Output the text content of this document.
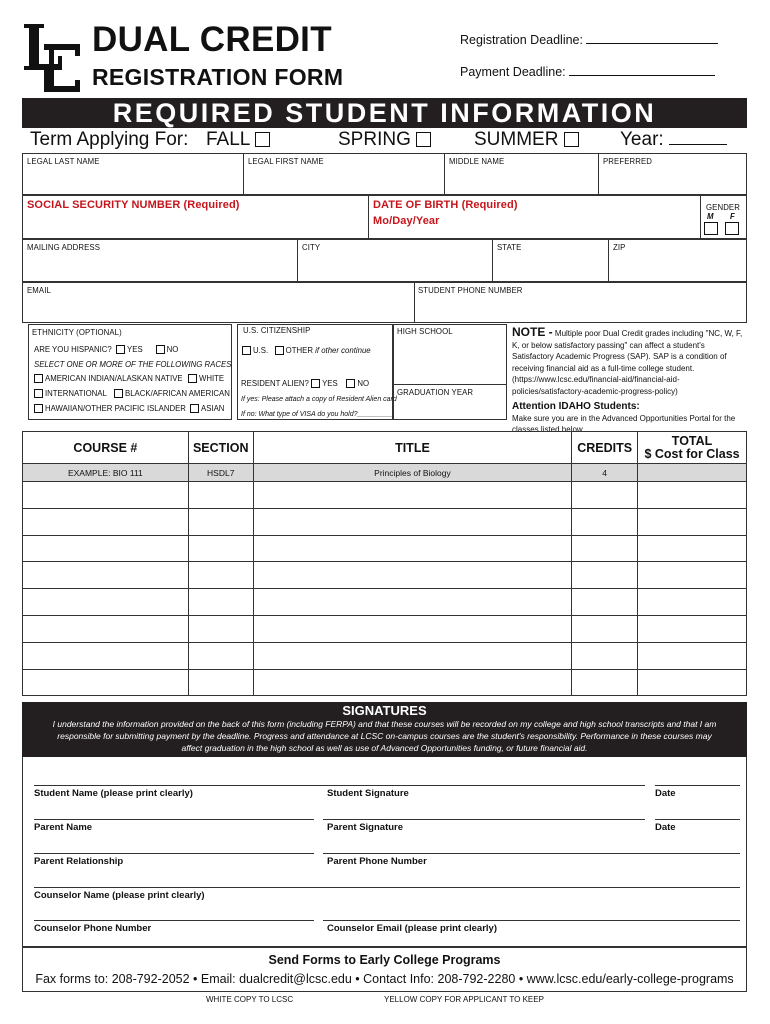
DUAL CREDIT
REGISTRATION FORM
Registration Deadline:
Payment Deadline:
REQUIRED STUDENT INFORMATION
Term Applying For: FALL	SPRING	SUMMER	Year:
LEGAL LAST NAME	LEGAL FIRST NAME	MIDDLE NAME	PREFERRED
SOCIAL SECURITY NUMBER (Required)	DATE OF BIRTH (Required)
Mo/Day/Year
GENDER
M F
MAILING ADDRESS	CITY	STATE	ZIP
EMAIL	STUDENT PHONE NUMBER
ETHNICITY (OPTIONAL)
ARE YOU HISPANIC? YES	NO
SELECT ONE OR MORE OF THE FOLLOWING RACES
AMERICAN INDIAN/ALASKAN NATIVE	WHITE
INTERNATIONAL	BLACK/AFRICAN AMERICAN
HAWAIIAN/OTHER PACIFIC ISLANDER	ASIAN
U.S. CITIZENSHIP
U.S. OTHER if other continue
RESIDENT ALIEN? YES	NO
If yes: Please attach a copy of Resident Alien card
If no: What type of VISA do you hold?_________
HIGH SCHOOL
GRADUATION YEAR
NOTE - Multiple poor Dual Credit grades including "NC, W, F, K, or below satisfactory passing" can affect a student's Satisfactory Academic Progress (SAP). SAP is a condition of receiving financial aid as a full-time college student. (https://www.lcsc.edu/financial-aid/financial-aid-policies/satisfactory-academic-progress-policy)
Attention IDAHO Students:
Make sure you are in the Advanced Opportunities Portal for the classes listed below.
COURSE #	SECTION	TITLE	CREDITS	TOTAL
$ Cost for Class

EXAMPLE: BIO 111	HSDL7	Principles of Biology	4	

SIGNATURES
I understand the information provided on the back of this form (including FERPA) and that these courses will be recorded on my college and high school transcripts and that I am
responsible for submitting payment by the deadline. Progress and attendance at LCSC on-campus courses are the student's responsibility. Performance in these courses may
affect graduation in the high school as well as use of Advanced Opportunities funding, or future financial aid.
Student Name (please print clearly)	Student Signature	Date
Parent Name	Parent Signature	Date
Parent Relationship	Parent Phone Number
Counselor Name (please print clearly)
Counselor Phone Number	Counselor Email (please print clearly)
Send Forms to Early College Programs
Fax forms to: 208-792-2052 • Email: dualcredit@lcsc.edu • Contact Info: 208-792-2280 • www.lcsc.edu/early-college-programs
WHITE COPY TO LCSC	YELLOW COPY FOR APPLICANT TO KEEP
